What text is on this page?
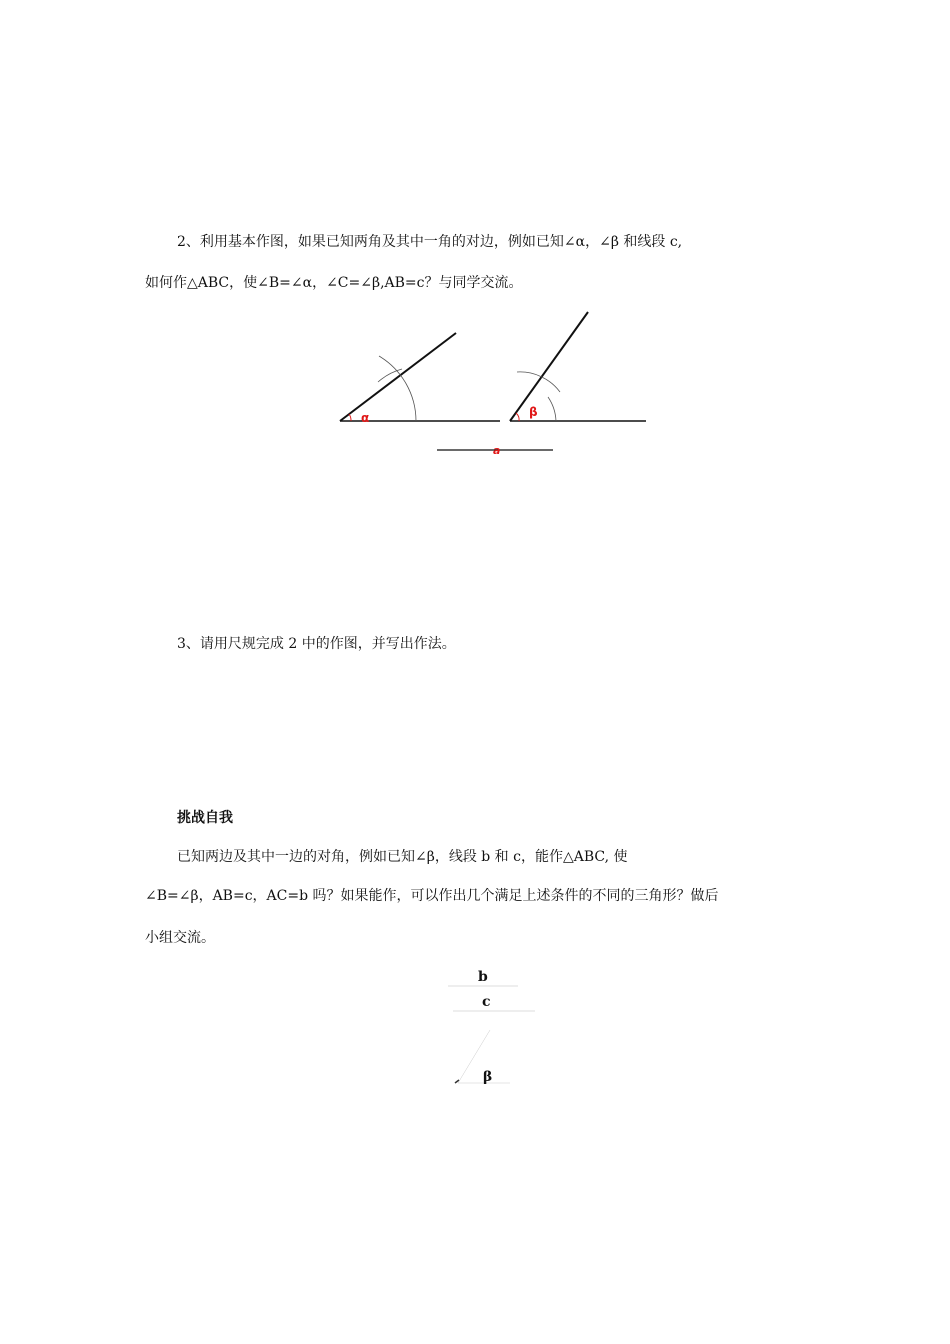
2、利用基本作图，如果已知两角及其中一角的对边，例如已知∠α，∠β 和线段 c,
如何作△ABC，使∠B=∠α，∠C=∠β,AB=c？与同学交流。
α	β
a
3、请用尺规完成 2 中的作图，并写出作法。
挑战自我
已知两边及其中一边的对角，例如已知∠β，线段 b 和 c，能作△ABC, 使
∠B=∠β，AB=c，AC=b 吗？如果能作，可以作出几个满足上述条件的不同的三角形？做后
小组交流。
b
c
β
